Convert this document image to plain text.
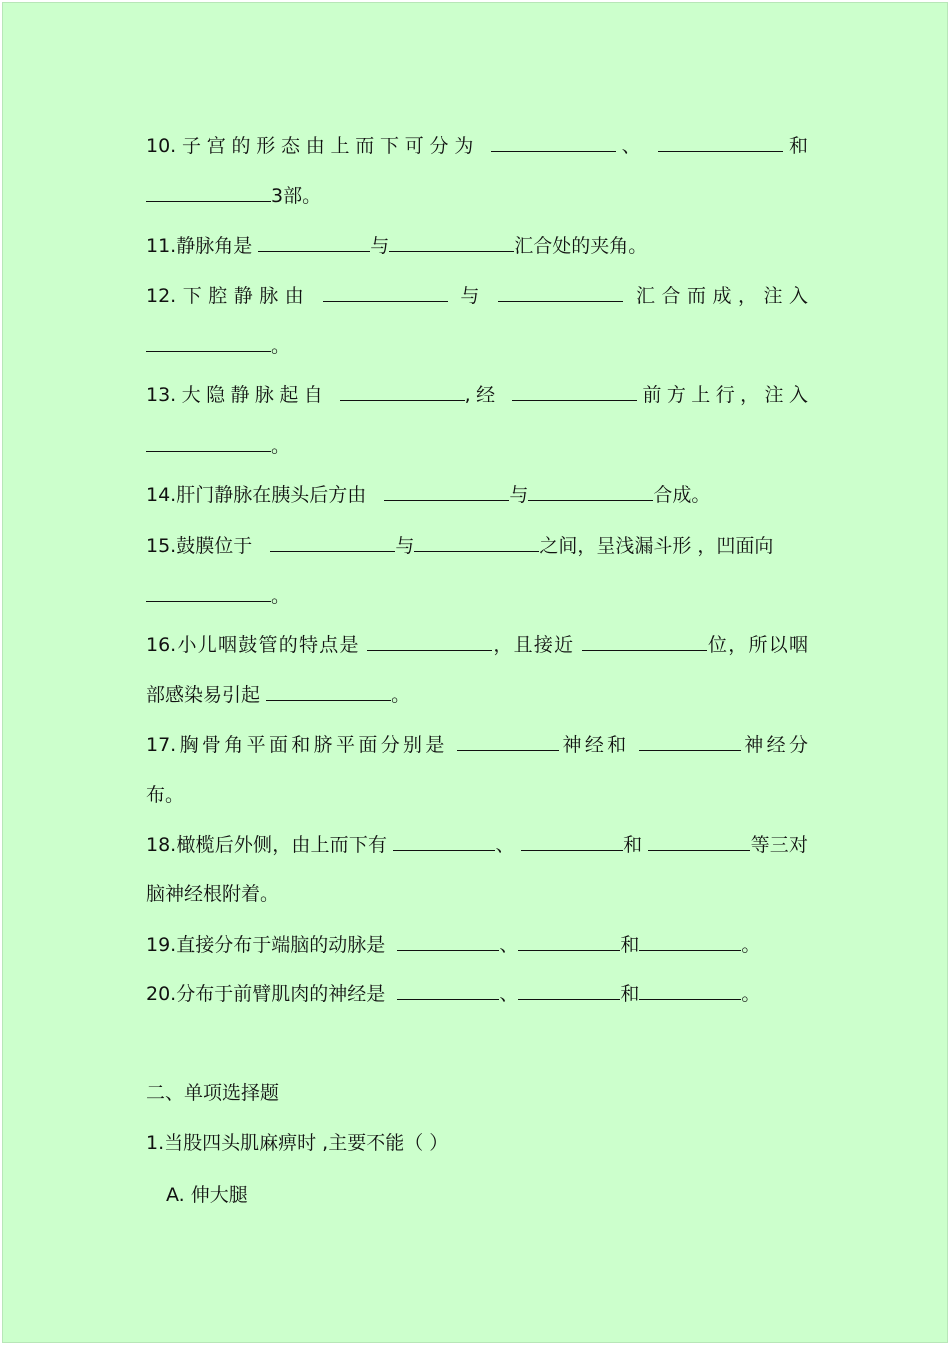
10.子宫的形态由上而下可分为	、	和
3部。
11.静脉角是	与	汇合处的夹角。
12.下腔静脉由	与	汇合而成，注入
。
13.大隐静脉起自	,经	前方上行，注入
。
14.肝门静脉在胰头后方由	与	合成。
15.鼓膜位于	与	之间，呈浅漏斗形 ，凹面向
。
16.小儿咽鼓管的特点是	，且接近	位，所以咽
部感染易引起	。
17.胸骨角平面和脐平面分别是	神经和	神经分
布。
18.橄榄后外侧，由上而下有	、	和	等三对
脑神经根附着。
19.直接分布于端脑的动脉是	、	和	。
20.分布于前臂肌肉的神经是	、	和	。
二、单项选择题
1.当股四头肌麻痹时 ,主要不能（ ）
A. 伸大腿
